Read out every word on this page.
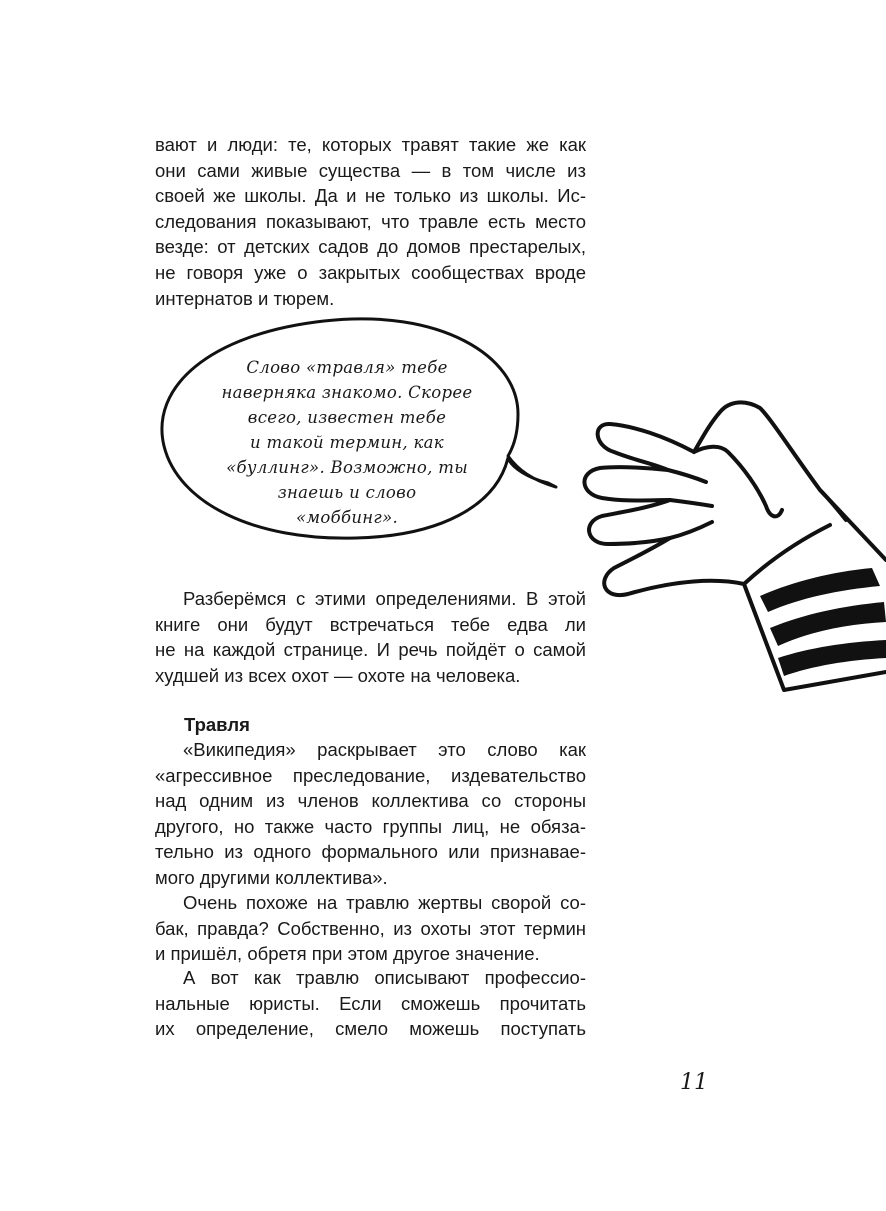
вают и люди: те, которых травят такие же как
они сами живые существа — в том числе из
своей же школы. Да и не только из школы. Ис-
следования показывают, что травле есть место
везде: от детских садов до домов престарелых,
не говоря уже о закрытых сообществах вроде
интернатов и тюрем.
Слово «травля» тебе
наверняка знакомо. Скорее
всего, известен тебе
и такой термин, как
«буллинг». Возможно, ты
знаешь и слово
«моббинг».
Разберёмся с этими определениями. В этой
книге они будут встречаться тебе едва ли
не на каждой странице. И речь пойдёт о самой
худшей из всех охот — охоте на человека.
Травля
«Википедия» раскрывает это слово как
«агрессивное преследование, издевательство
над одним из членов коллектива со стороны
другого, но также часто группы лиц, не обяза-
тельно из одного формального или признавае-
мого другими коллектива».
Очень похоже на травлю жертвы сворой со-
бак, правда? Собственно, из охоты этот термин
и пришёл, обретя при этом другое значение.
А вот как травлю описывают профессио-
нальные юристы. Если сможешь прочитать
их определение, смело можешь поступать
11
